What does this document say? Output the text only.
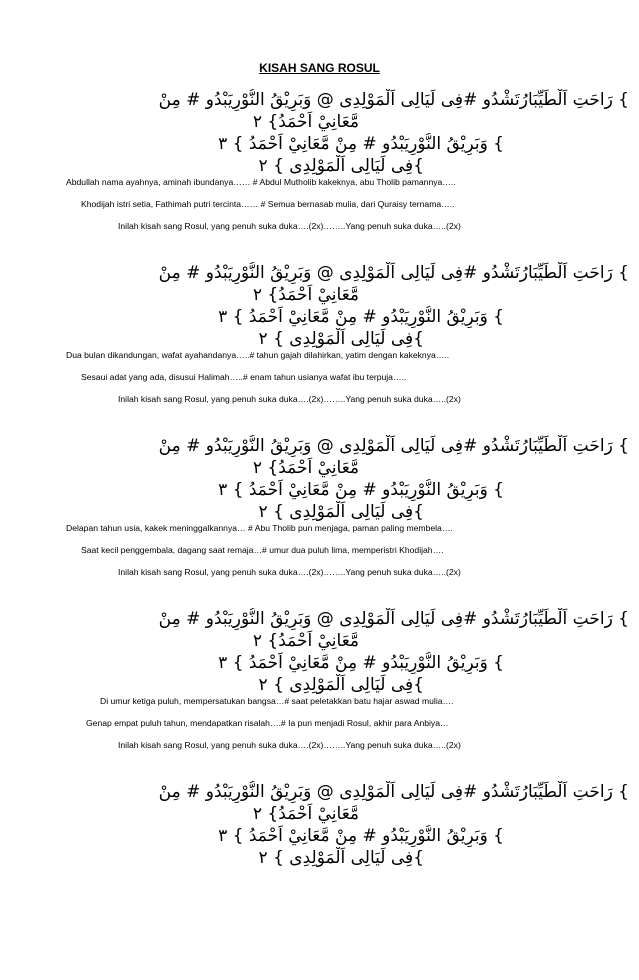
KISAH SANG ROSUL
} رَاحَتِ اَلْطَيِّبَارُتَشْدُو #فِى لَيَالِى اَلْمَوْلِدِى @ وَبَرِيْقُ النُّوْرِيَبْدُو # مِنْ
مَّعَانِيْ اَحْمَدُ} ٢
} وَبَرِيْقُ النُّوْرِيَبْدُو # مِنْ مَّعَانِيْ اَحْمَدُ } ٣
}فِى لَيَالِى اَلْمَوْلِدِى } ٢
Abdullah nama ayahnya, aminah ibundanya…… # Abdul Mutholib kakeknya, abu Tholib pamannya…..
Khodijah istri setia, Fathimah putri tercinta…… # Semua bernasab mulia, dari Quraisy ternama…..
Inilah kisah sang Rosul, yang penuh suka duka….(2x)……..Yang penuh suka duka…..(2x)
} رَاحَتِ اَلْطَيِّبَارُتَشْدُو #فِى لَيَالِى اَلْمَوْلِدِى @ وَبَرِيْقُ النُّوْرِيَبْدُو # مِنْ
مَّعَانِيْ اَحْمَدُ} ٢
} وَبَرِيْقُ النُّوْرِيَبْدُو # مِنْ مَّعَانِيْ اَحْمَدُ } ٣
}فِى لَيَالِى اَلْمَوْلِدِى } ٢
Dua bulan dikandungan, wafat ayahandanya…..# tahun gajah dilahirkan, yatim dengan kakeknya…..
Sesaui adat yang ada, disusui Halimah…..# enam tahun usianya wafat ibu terpuja…..
Inilah kisah sang Rosul, yang penuh suka duka….(2x)……..Yang penuh suka duka…..(2x)
} رَاحَتِ اَلْطَيِّبَارُتَشْدُو #فِى لَيَالِى اَلْمَوْلِدِى @ وَبَرِيْقُ النُّوْرِيَبْدُو # مِنْ
مَّعَانِيْ اَحْمَدُ} ٢
} وَبَرِيْقُ النُّوْرِيَبْدُو # مِنْ مَّعَانِيْ اَحْمَدُ } ٣
}فِى لَيَالِى اَلْمَوْلِدِى } ٢
Delapan tahun usia, kakek meninggalkannya… # Abu Tholib pun menjaga, paman paling membela….
Saat kecil penggembala, dagang saat remaja…# umur dua puluh lima, memperistri Khodijah….
Inilah kisah sang Rosul, yang penuh suka duka….(2x)……..Yang penuh suka duka…..(2x)
} رَاحَتِ اَلْطَيِّبَارُتَشْدُو #فِى لَيَالِى اَلْمَوْلِدِى @ وَبَرِيْقُ النُّوْرِيَبْدُو # مِنْ
مَّعَانِيْ اَحْمَدُ} ٢
} وَبَرِيْقُ النُّوْرِيَبْدُو # مِنْ مَّعَانِيْ اَحْمَدُ } ٣
}فِى لَيَالِى اَلْمَوْلِدِى } ٢
Di umur ketiga puluh, mempersatukan bangsa…# saat peletakkan batu hajar aswad mulia….
Genap empat puluh tahun, mendapatkan risalah….# Ia pun menjadi Rosul, akhir para Anbiya…
Inilah kisah sang Rosul, yang penuh suka duka….(2x)……..Yang penuh suka duka…..(2x)
} رَاحَتِ اَلْطَيِّبَارُتَشْدُو #فِى لَيَالِى اَلْمَوْلِدِى @ وَبَرِيْقُ النُّوْرِيَبْدُو # مِنْ
مَّعَانِيْ اَحْمَدُ} ٢
} وَبَرِيْقُ النُّوْرِيَبْدُو # مِنْ مَّعَانِيْ اَحْمَدُ } ٣
}فِى لَيَالِى اَلْمَوْلِدِى } ٢
